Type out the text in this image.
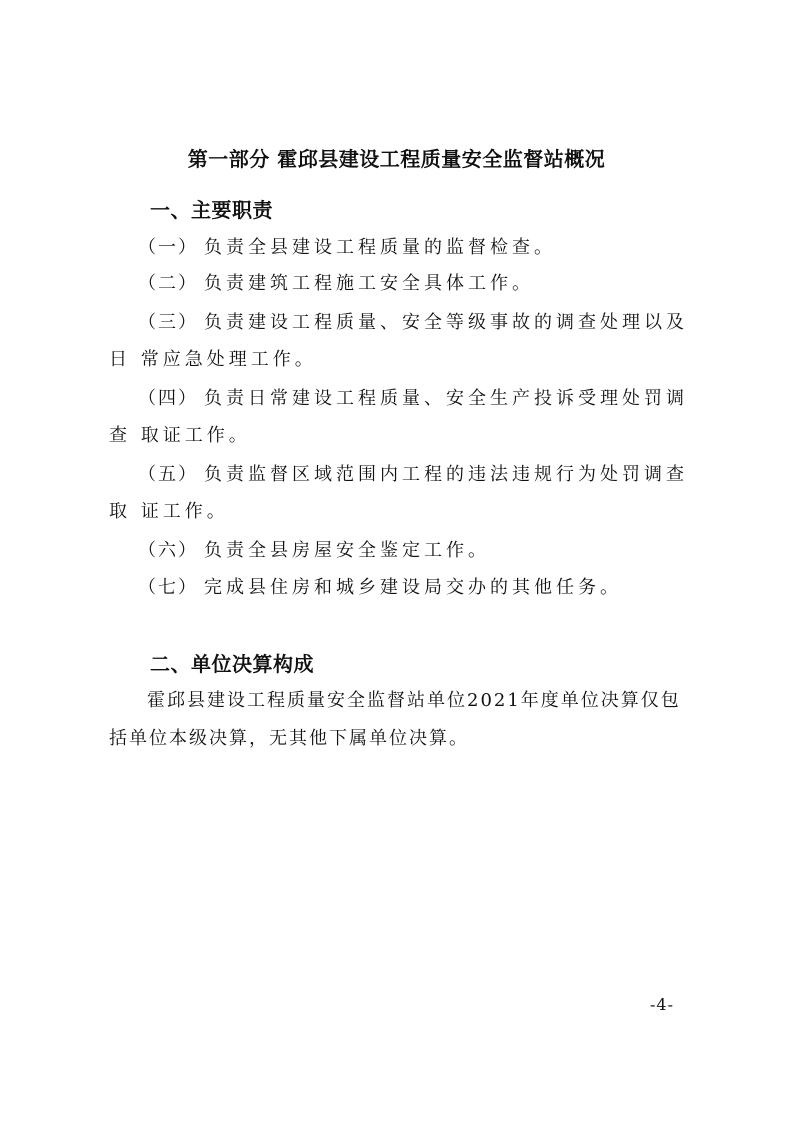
第一部分 霍邱县建设工程质量安全监督站概况
一、主要职责
（一） 负责全县建设工程质量的监督检查。
（二） 负责建筑工程施工安全具体工作。
（三） 负责建设工程质量、安全等级事故的调查处理以及
日 常应急处理工作。
（四） 负责日常建设工程质量、安全生产投诉受理处罚调
查 取证工作。
（五） 负责监督区域范围内工程的违法违规行为处罚调查
取 证工作。
（六） 负责全县房屋安全鉴定工作。
（七） 完成县住房和城乡建设局交办的其他任务。
二、单位决算构成
霍邱县建设工程质量安全监督站单位2021年度单位决算仅包括单位本级决算，无其他下属单位决算。
-4-
